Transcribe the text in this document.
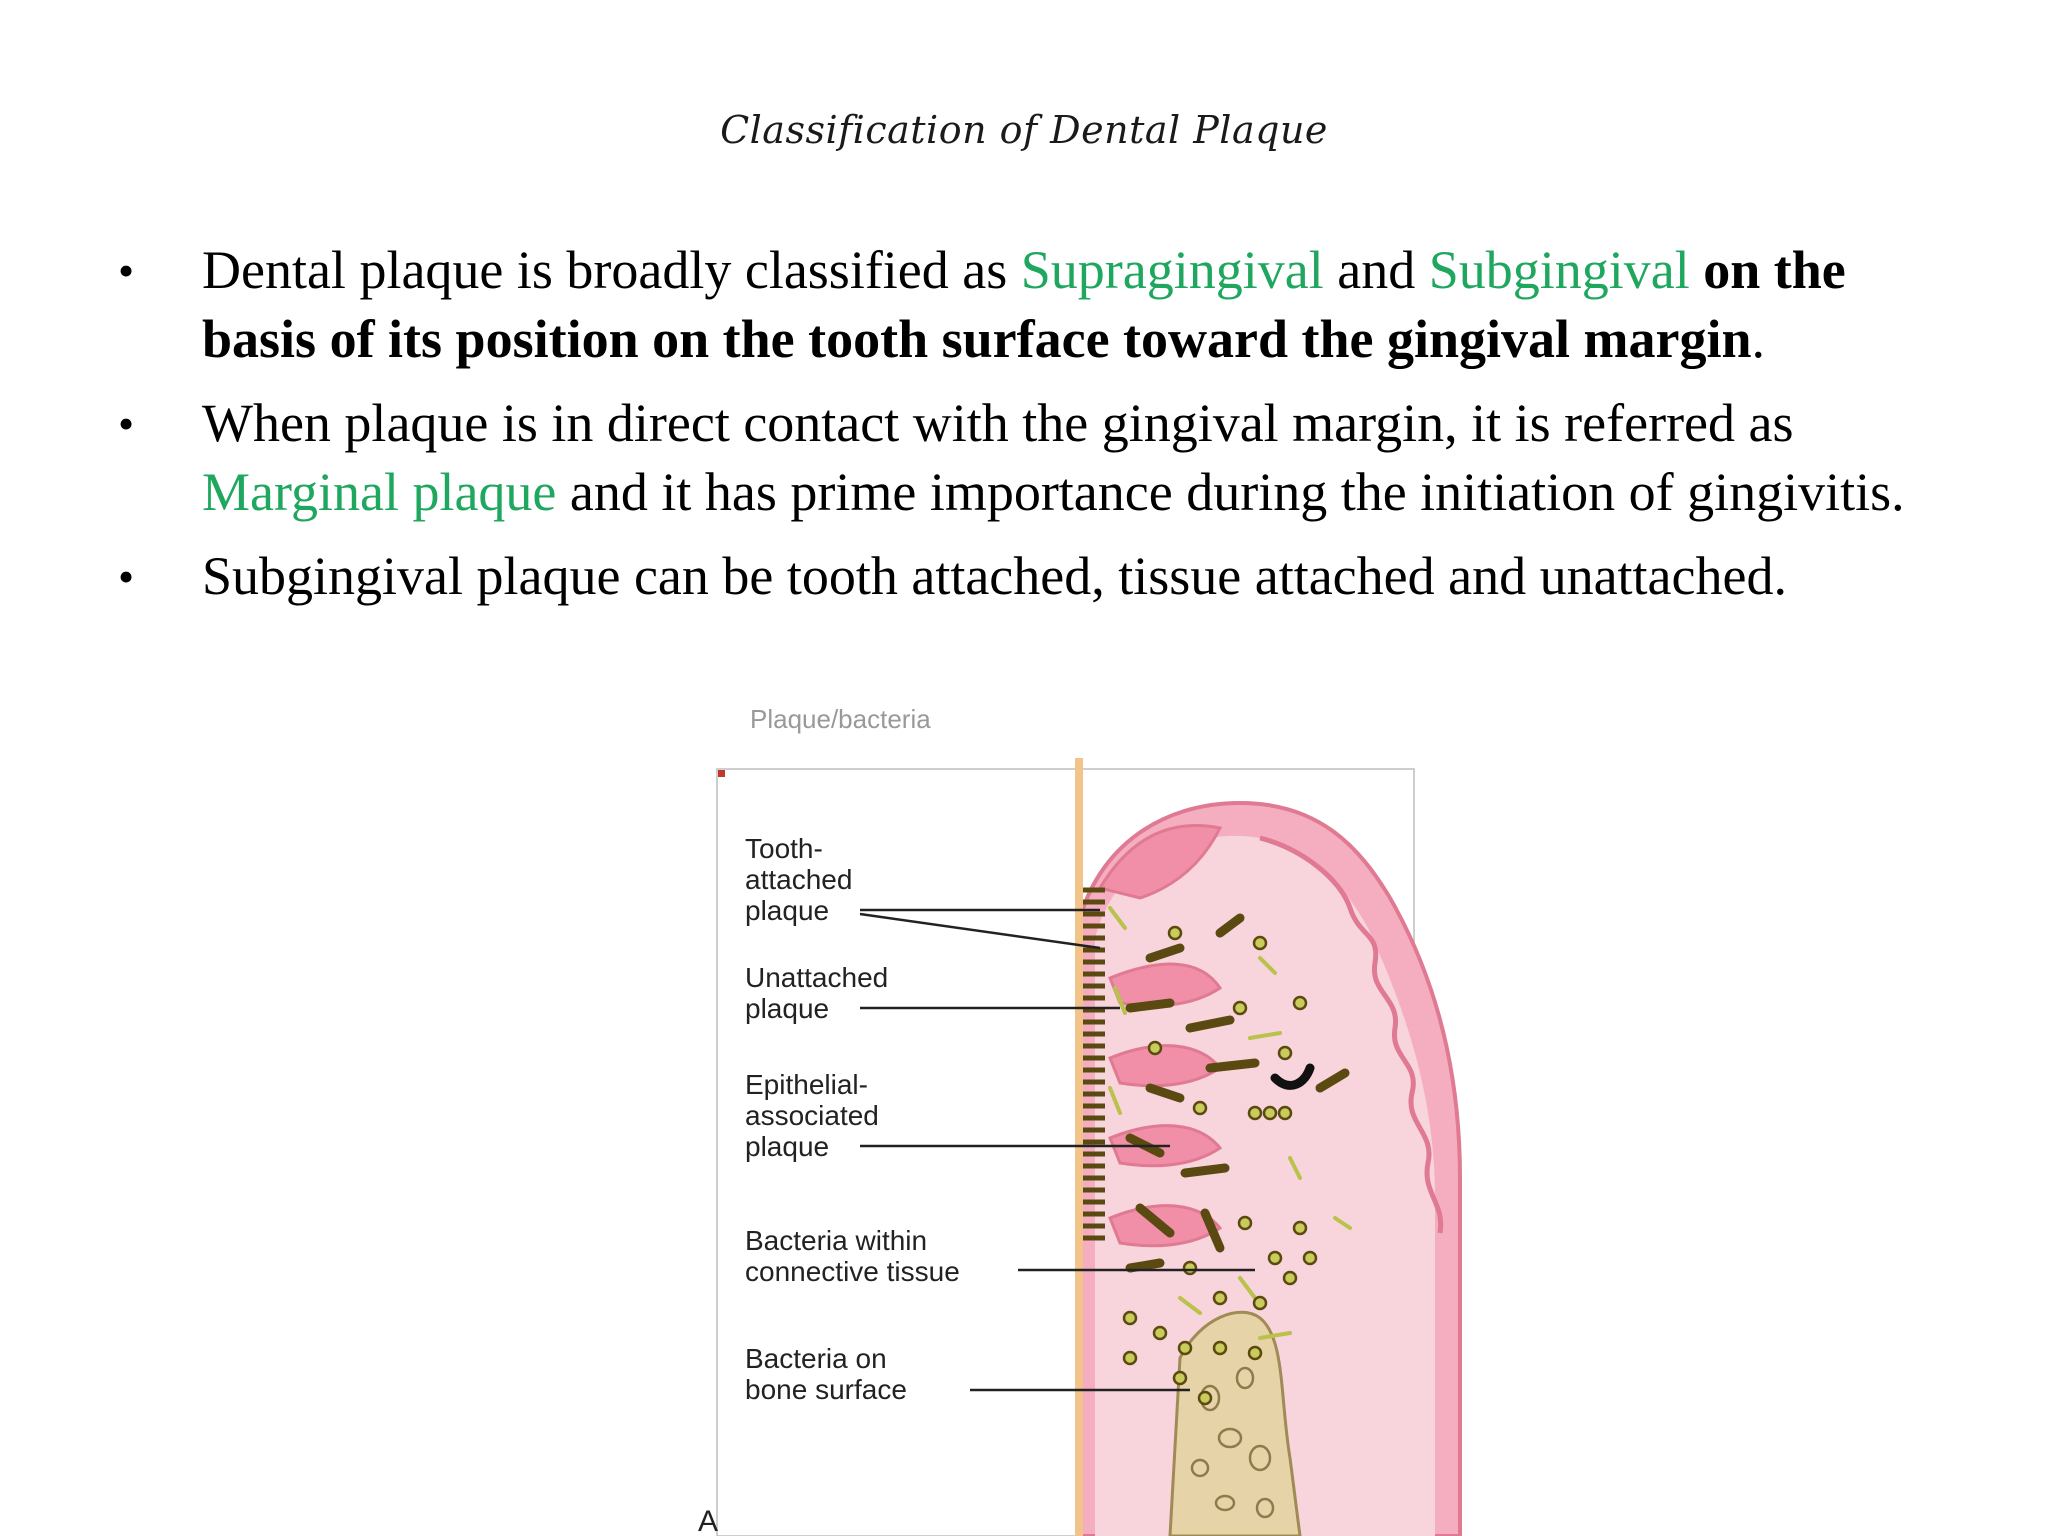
Classification of Dental Plaque
• Dental plaque is broadly classified as Supragingival and Subgingival on the basis of its position on the tooth surface toward the gingival margin.
• When plaque is in direct contact with the gingival margin, it is referred as Marginal plaque and it has prime importance during the initiation of gingivitis.
• Subgingival plaque can be tooth attached, tissue attached and unattached.
Plaque/bacteria
Tooth- attached plaque
Unattached plaque
Epithelial- associated plaque
Bacteria within connective tissue
Bacteria on bone surface
A
